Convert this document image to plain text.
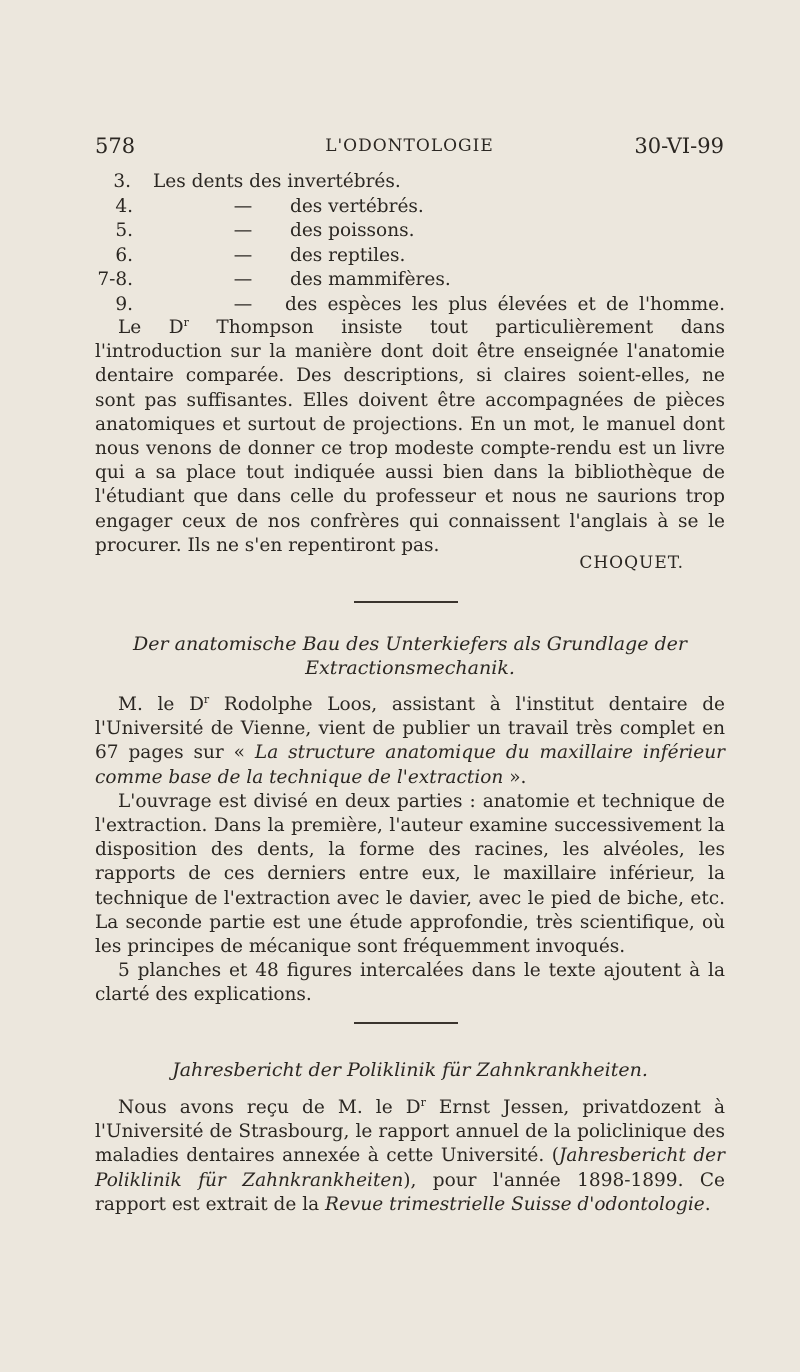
578	L'ODONTOLOGIE	30-VI-99
3. Les dents des invertébrés.
4.	— des vertébrés.
5.	— des poissons.
6.	— des reptiles.
7-8.	— des mammifères.
9.	— des espèces les plus élevées et de l'homme.
Le $D^r$ Thompson insiste tout particulièrement dans l'introduction sur la manière dont doit être enseignée l'anatomie dentaire comparée. Des descriptions, si claires soient-elles, ne sont pas suffisantes. Elles doivent être accompagnées de pièces anatomiques et surtout de projections. En un mot, le manuel dont nous venons de donner ce trop modeste compte-rendu est un livre qui a sa place tout indiquée aussi bien dans la bibliothèque de l'étudiant que dans celle du professeur et nous ne saurions trop engager ceux de nos confrères qui connaissent l'anglais à se le procurer. Ils ne s'en repentiront pas.
CHOQUET.
Der anatomische Bau des Unterkiefers als Grundlage der Extractionsmechanik.
M. le $D^r$ Rodolphe Loos, assistant à l'institut dentaire de l'Université de Vienne, vient de publier un travail très complet en 67 pages sur « La structure anatomique du maxillaire inférieur comme base de la technique de l'extraction ».
L'ouvrage est divisé en deux parties : anatomie et technique de l'extraction. Dans la première, l'auteur examine successivement la disposition des dents, la forme des racines, les alvéoles, les rapports de ces derniers entre eux, le maxillaire inférieur, la technique de l'extraction avec le davier, avec le pied de biche, etc. La seconde partie est une étude approfondie, très scientifique, où les principes de mécanique sont fréquemment invoqués.
5 planches et 48 figures intercalées dans le texte ajoutent à la clarté des explications.
Jahresbericht der Poliklinik für Zahnkrankheiten.
Nous avons reçu de M. le $D^r$ Ernst Jessen, privatdozent à l'Université de Strasbourg, le rapport annuel de la policlinique des maladies dentaires annexée à cette Université. (Jahresbericht der Poliklinik für Zahnkrankheiten), pour l'année 1898-1899. Ce rapport est extrait de la Revue trimestrielle Suisse d'odontologie.
